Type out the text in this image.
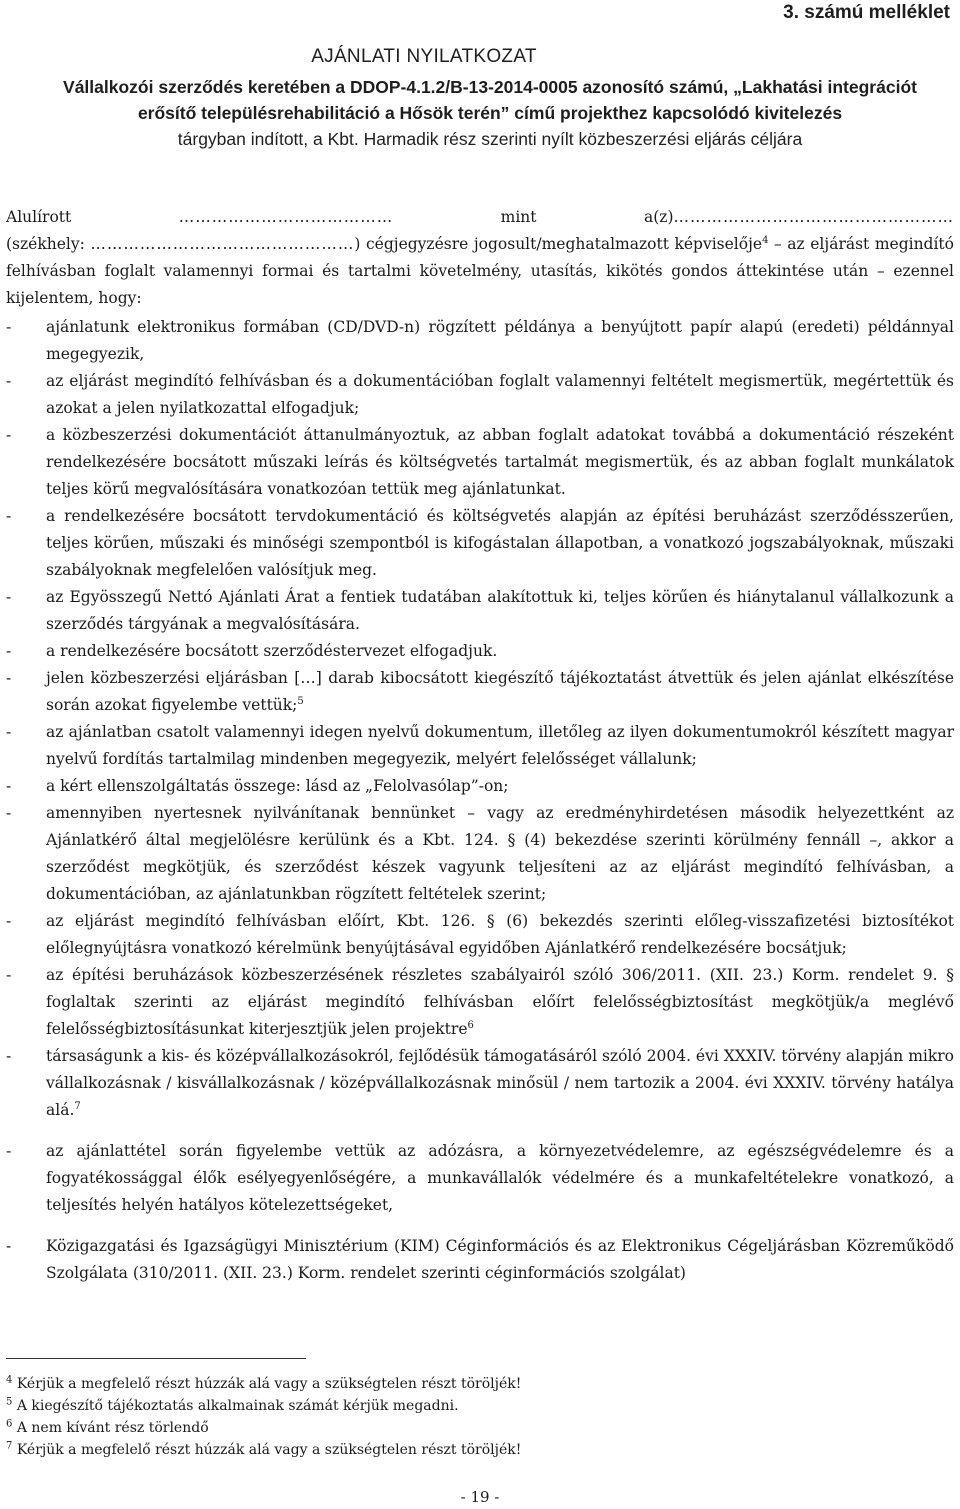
3. számú melléklet
AJÁNLATI NYILATKOZAT
Vállalkozói szerződés keretében a DDOP-4.1.2/B-13-2014-0005 azonosító számú, „Lakhatási integrációt erősítő településrehabilitáció a Hősök terén” című projekthez kapcsolódó kivitelezés
tárgyban indított, a Kbt. Harmadik rész szerinti nyílt közbeszerzési eljárás céljára
Alulírott	…………………………………	mint	a(z)……………………………………………
(székhely: …………………………………………) cégjegyzésre jogosult/meghatalmazott képviselője$^4$ – az eljárást megindító felhívásban foglalt valamennyi formai és tartalmi követelmény, utasítás, kikötés gondos áttekintése után – ezennel kijelentem, hogy:
-	ajánlatunk elektronikus formában (CD/DVD-n) rögzített példánya a benyújtott papír alapú (eredeti) példánnyal megegyezik,
-	az eljárást megindító felhívásban és a dokumentációban foglalt valamennyi feltételt megismertük, megértettük és azokat a jelen nyilatkozattal elfogadjuk;
-	a közbeszerzési dokumentációt áttanulmányoztuk, az abban foglalt adatokat továbbá a dokumentáció részeként rendelkezésére bocsátott műszaki leírás és költségvetés tartalmát megismertük, és az abban foglalt munkálatok teljes körű megvalósítására vonatkozóan tettük meg ajánlatunkat.
-	a rendelkezésére bocsátott tervdokumentáció és költségvetés alapján az építési beruházást szerződésszerűen, teljes körűen, műszaki és minőségi szempontból is kifogástalan állapotban, a vonatkozó jogszabályoknak, műszaki szabályoknak megfelelően valósítjuk meg.
-	az Egyösszegű Nettó Ajánlati Árat a fentiek tudatában alakítottuk ki, teljes körűen és hiánytalanul vállalkozunk a szerződés tárgyának a megvalósítására.
-	a rendelkezésére bocsátott szerződéstervezet elfogadjuk.
-	jelen közbeszerzési eljárásban […] darab kibocsátott kiegészítő tájékoztatást átvettük és jelen ajánlat elkészítése során azokat figyelembe vettük;$^5$
-	az ajánlatban csatolt valamennyi idegen nyelvű dokumentum, illetőleg az ilyen dokumentumokról készített magyar nyelvű fordítás tartalmilag mindenben megegyezik, melyért felelősséget vállalunk;
-	a kért ellenszolgáltatás összege: lásd az „Felolvasólap”-on;
-	amennyiben nyertesnek nyilvánítanak bennünket – vagy az eredményhirdetésen második helyezettként az Ajánlatkérő által megjelölésre kerülünk és a Kbt. 124. § (4) bekezdése szerinti körülmény fennáll –, akkor a szerződést megkötjük, és szerződést készek vagyunk teljesíteni az az eljárást megindító felhívásban, a dokumentációban, az ajánlatunkban rögzített feltételek szerint;
-	az eljárást megindító felhívásban előírt, Kbt. 126. § (6) bekezdés szerinti előleg-visszafizetési biztosítékot előlegnyújtásra vonatkozó kérelmünk benyújtásával egyidőben Ajánlatkérő rendelkezésére bocsátjuk;
-	az építési beruházások közbeszerzésének részletes szabályairól szóló 306/2011. (XII. 23.) Korm. rendelet 9. § foglaltak szerinti az eljárást megindító felhívásban előírt felelősségbiztosítást megkötjük/a meglévő felelősségbiztosításunkat kiterjesztjük jelen projektre$^6$
-	társaságunk a kis- és középvállalkozásokról, fejlődésük támogatásáról szóló 2004. évi XXXIV. törvény alapján mikro vállalkozásnak / kisvállalkozásnak / középvállalkozásnak minősül / nem tartozik a 2004. évi XXXIV. törvény hatálya alá.$^7$
-	az ajánlattétel során figyelembe vettük az adózásra, a környezetvédelemre, az egészségvédelemre és a fogyatékossággal élők esélyegyenlőségére, a munkavállalók védelmére és a munkafeltételekre vonatkozó, a teljesítés helyén hatályos kötelezettségeket,
-	Közigazgatási és Igazságügyi Minisztérium (KIM) Céginformációs és az Elektronikus Cégeljárásban Közreműködő Szolgálata (310/2011. (XII. 23.) Korm. rendelet szerinti céginformációs szolgálat)
$^4$ Kérjük a megfelelő részt húzzák alá vagy a szükségtelen részt töröljék!
$^5$ A kiegészítő tájékoztatás alkalmainak számát kérjük megadni.
$^6$ A nem kívánt rész törlendő
$^7$ Kérjük a megfelelő részt húzzák alá vagy a szükségtelen részt töröljék!
- 19 -
